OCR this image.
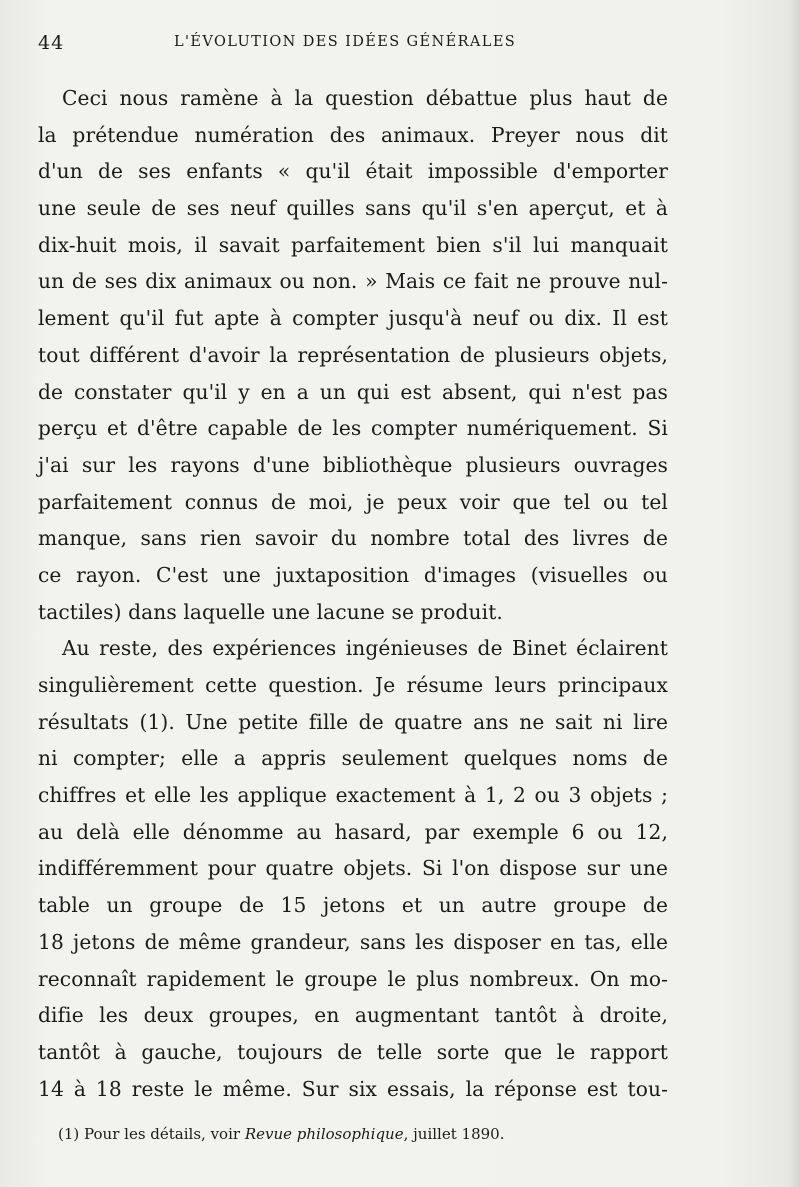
44	L'ÉVOLUTION DES IDÉES GÉNÉRALES
Ceci nous ramène à la question débattue plus haut de
la prétendue numération des animaux. Preyer nous dit
d'un de ses enfants « qu'il était impossible d'emporter
une seule de ses neuf quilles sans qu'il s'en aperçut, et à
dix-huit mois, il savait parfaitement bien s'il lui manquait
un de ses dix animaux ou non. » Mais ce fait ne prouve nul-
lement qu'il fut apte à compter jusqu'à neuf ou dix. Il est
tout différent d'avoir la représentation de plusieurs objets,
de constater qu'il y en a un qui est absent, qui n'est pas
perçu et d'être capable de les compter numériquement. Si
j'ai sur les rayons d'une bibliothèque plusieurs ouvrages
parfaitement connus de moi, je peux voir que tel ou tel
manque, sans rien savoir du nombre total des livres de
ce rayon. C'est une juxtaposition d'images (visuelles ou
tactiles) dans laquelle une lacune se produit.
Au reste, des expériences ingénieuses de Binet éclairent
singulièrement cette question. Je résume leurs principaux
résultats (1). Une petite fille de quatre ans ne sait ni lire
ni compter; elle a appris seulement quelques noms de
chiffres et elle les applique exactement à 1, 2 ou 3 objets ;
au delà elle dénomme au hasard, par exemple 6 ou 12,
indifféremment pour quatre objets. Si l'on dispose sur une
table un groupe de 15 jetons et un autre groupe de
18 jetons de même grandeur, sans les disposer en tas, elle
reconnaît rapidement le groupe le plus nombreux. On mo-
difie les deux groupes, en augmentant tantôt à droite,
tantôt à gauche, toujours de telle sorte que le rapport
14 à 18 reste le même. Sur six essais, la réponse est tou-
(1) Pour les détails, voir Revue philosophique, juillet 1890.
